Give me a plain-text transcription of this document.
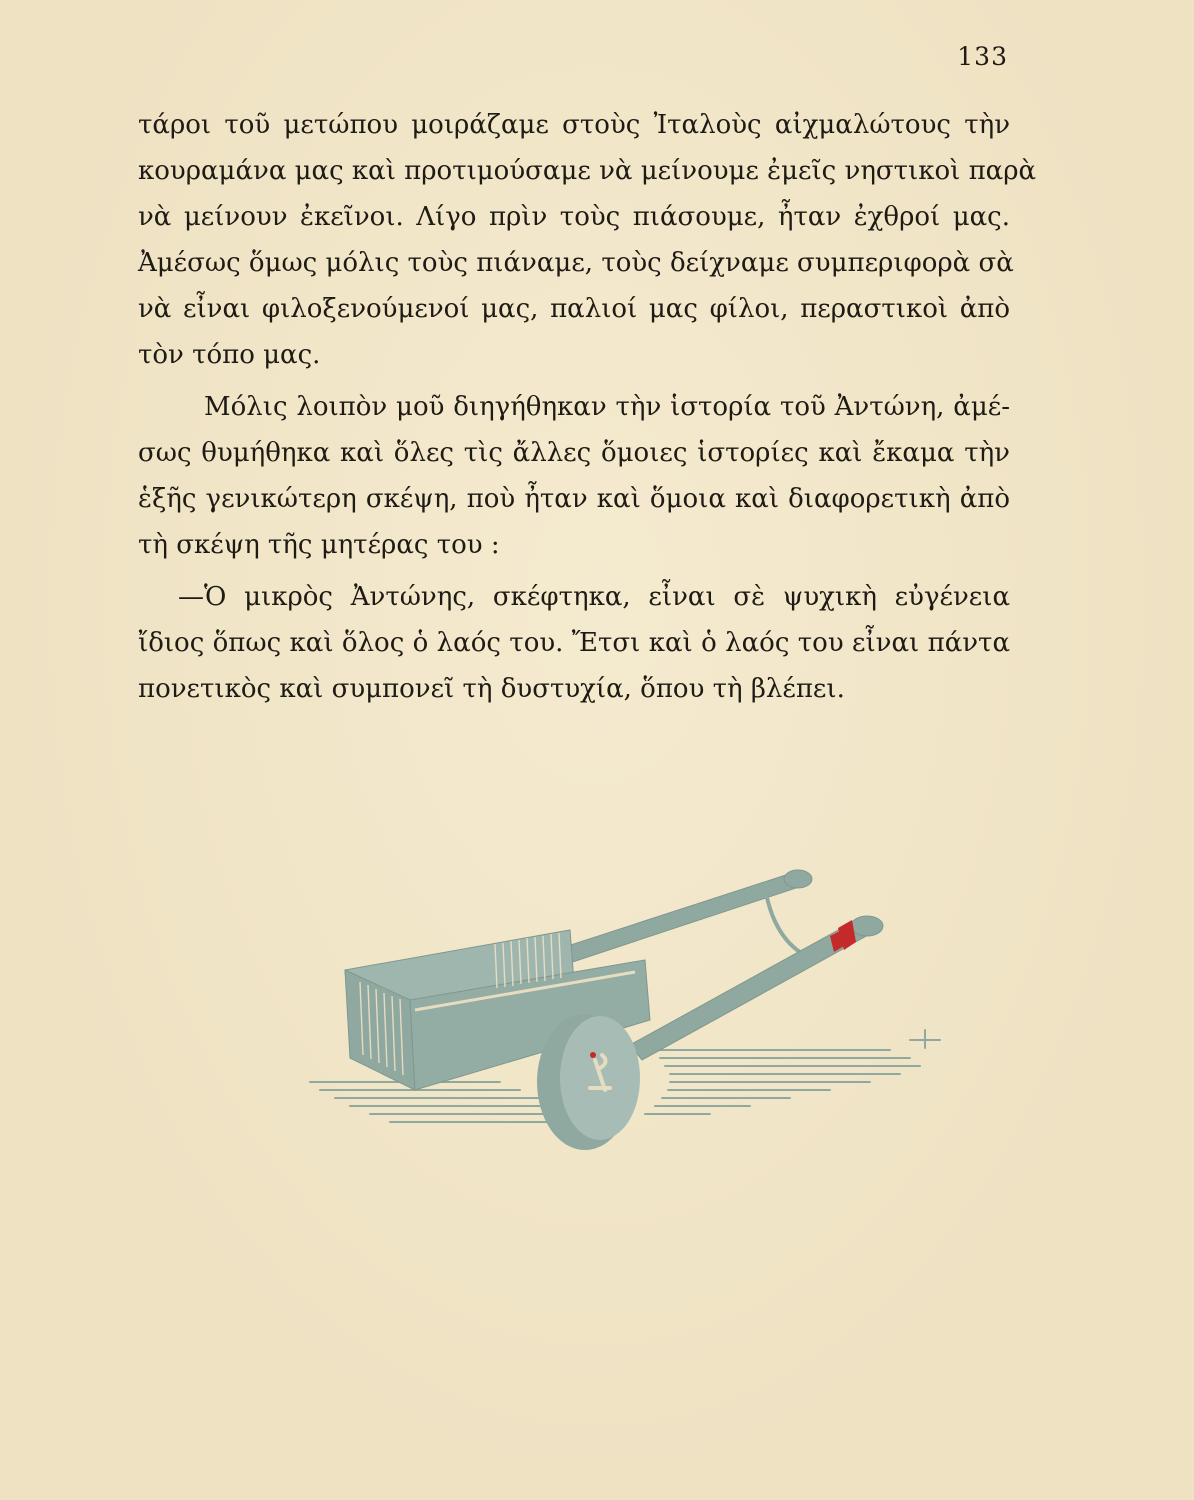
133

τάροι τοῦ μετώπου μοιράζαμε στοὺς Ἰταλοὺς αἰχμαλώτους τὴν
κουραμάνα μας καὶ προτιμούσαμε νὰ μείνουμε ἐμεῖς νηστικοὶ παρὰ
νὰ μείνουν ἐκεῖνοι. Λίγο πρὶν τοὺς πιάσουμε, ἦταν ἐχθροί μας.
Ἀμέσως ὅμως μόλις τοὺς πιάναμε, τοὺς δείχναμε συμπεριφορὰ σὰ
νὰ εἶναι φιλοξενούμενοί μας, παλιοί μας φίλοι, περαστικοὶ ἀπὸ
τὸν τόπο μας.

Μόλις λοιπὸν μοῦ διηγήθηκαν τὴν ἱστορία τοῦ Ἀντώνη, ἀμέ-
σως θυμήθηκα καὶ ὅλες τὶς ἄλλες ὅμοιες ἱστορίες καὶ ἔκαμα τὴν
ἑξῆς γενικώτερη σκέψη, ποὺ ἦταν καὶ ὅμοια καὶ διαφορετικὴ ἀπὸ
τὴ σκέψη τῆς μητέρας του :

—Ὁ μικρὸς Ἀντώνης, σκέφτηκα, εἶναι σὲ ψυχικὴ εὐγένεια
ἴδιος ὅπως καὶ ὅλος ὁ λαός του. Ἔτσι καὶ ὁ λαός του εἶναι πάντα
πονετικὸς καὶ συμπονεῖ τὴ δυστυχία, ὅπου τὴ βλέπει.
